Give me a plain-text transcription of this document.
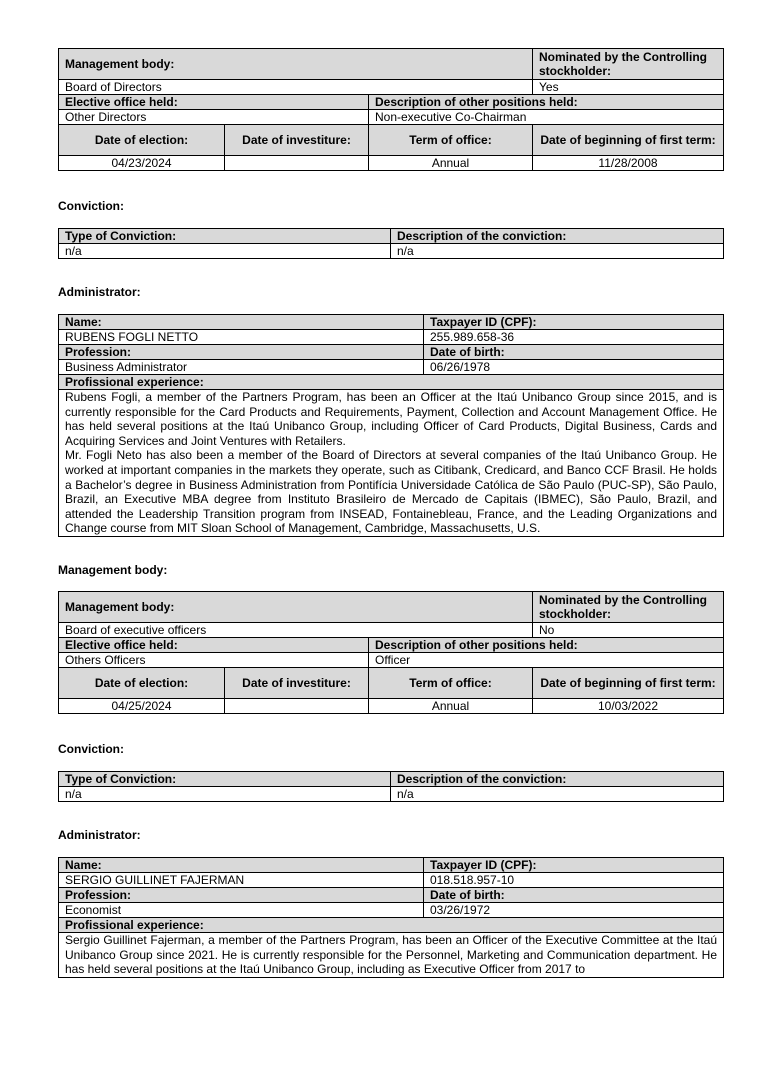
Management body:			Nominated by the Controlling stockholder:
Board of Directors			Yes
Elective office held:		Description of other positions held:	
Other Directors		Non-executive Co-Chairman	
Date of election:	Date of investiture:	Term of office:	Date of beginning of first term:
04/23/2024		Annual	11/28/2008

Conviction:

Type of Conviction:	Description of the conviction:
n/a	n/a

Administrator:

Name:	Taxpayer ID (CPF):
RUBENS FOGLI NETTO	255.989.658-36
Profession:	Date of birth:
Business Administrator	06/26/1978
Profissional experience:	

Rubens Fogli, a member of the Partners Program, has been an Officer at the Itaú Unibanco Group since 2015, and is currently responsible for the Card Products and Requirements, Payment, Collection and Account Management Office. He has held several positions at the Itaú Unibanco Group, including Officer of Card Products, Digital Business, Cards and Acquiring Services and Joint Ventures with Retailers.

Mr. Fogli Neto has also been a member of the Board of Directors at several companies of the Itaú Unibanco Group. He worked at important companies in the markets they operate, such as Citibank, Credicard, and Banco CCF Brasil. He holds a Bachelor’s degree in Business Administration from Pontifícia Universidade Católica de São Paulo (PUC-SP), São Paulo, Brazil, an Executive MBA degree from Instituto Brasileiro de Mercado de Capitais (IBMEC), São Paulo, Brazil, and attended the Leadership Transition program from INSEAD, Fontainebleau, France, and the Leading Organizations and Change course from MIT Sloan School of Management, Cambridge, Massachusetts, U.S.	

Management body:

Management body:			Nominated by the Controlling stockholder:
Board of executive officers			No
Elective office held:		Description of other positions held:	
Others Officers		Officer	
Date of election:	Date of investiture:	Term of office:	Date of beginning of first term:
04/25/2024		Annual	10/03/2022

Conviction:

Type of Conviction:	Description of the conviction:
n/a	n/a

Administrator:

Name:	Taxpayer ID (CPF):
SERGIO GUILLINET FAJERMAN	018.518.957-10
Profession:	Date of birth:
Economist	03/26/1972
Profissional experience:	

Sergio Guillinet Fajerman, a member of the Partners Program, has been an Officer of the Executive Committee at the Itaú Unibanco Group since 2021. He is currently responsible for the Personnel, Marketing and Communication department. He has held several positions at the Itaú Unibanco Group, including as Executive Officer from 2017 to	
